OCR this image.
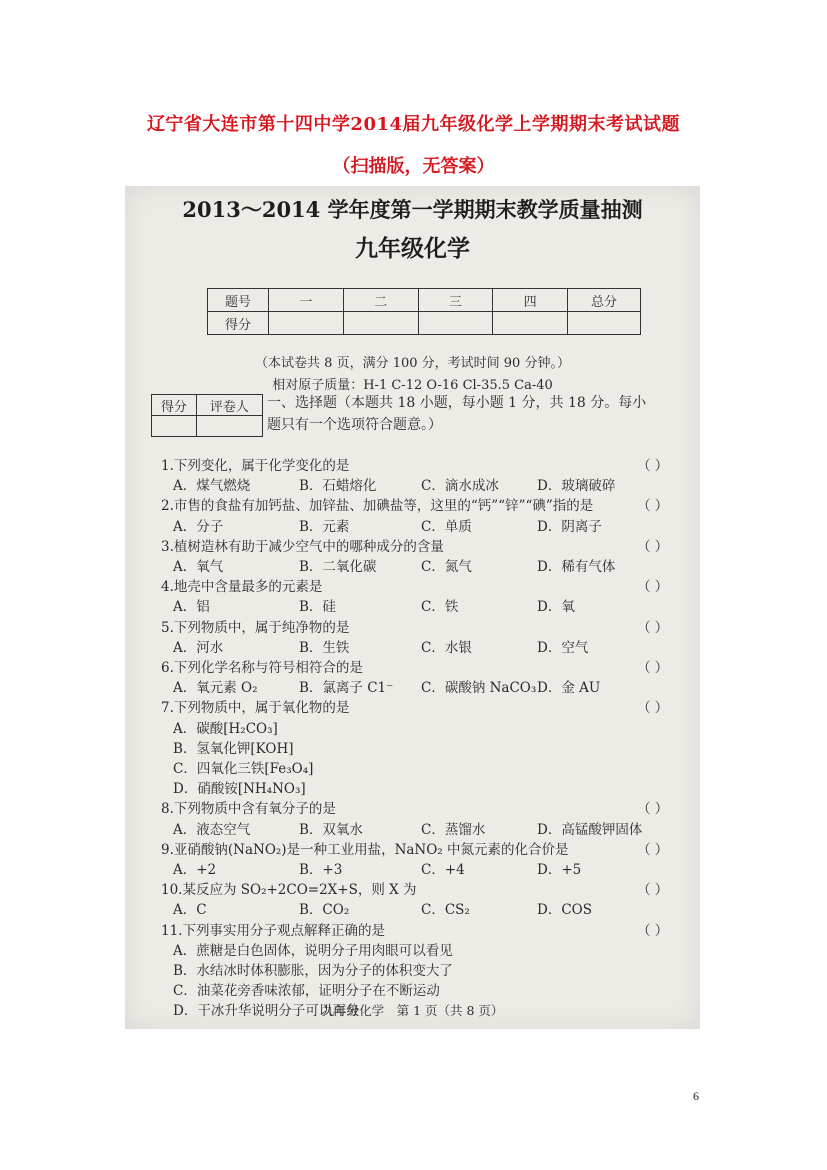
辽宁省大连市第十四中学2014届九年级化学上学期期末考试试题
（扫描版，无答案）
2013～2014 学年度第一学期期末教学质量抽测
九年级化学
题号	一	二	三	四	总分
得分					
（本试卷共 8 页，满分 100 分，考试时间 90 分钟。）
相对原子质量：H-1 C-12 O-16 Cl-35.5 Ca-40
得分	评卷人
	一、选择题（本题共 18 小题，每小题 1 分，共 18 分。每小
题只有一个选项符合题意。）
1.下列变化，属于化学变化的是	（ ）
A．煤气燃烧	B．石蜡熔化	C．滴水成冰	D．玻璃破碎
2.市售的食盐有加钙盐、加锌盐、加碘盐等，这里的“钙”“锌”“碘”指的是	（ ）
A．分子	B．元素	C．单质	D．阴离子
3.植树造林有助于减少空气中的哪种成分的含量	（ ）
A．氧气	B．二氧化碳	C．氮气	D．稀有气体
4.地壳中含量最多的元素是	（ ）
A．铝	B．硅	C．铁	D．氧
5.下列物质中，属于纯净物的是	（ ）
A．河水	B．生铁	C．水银	D．空气
6.下列化学名称与符号相符合的是	（ ）
A．氧元素 O₂	B．氯离子 C1⁻ C．碳酸钠 NaCO₃ D．金 AU
7.下列物质中，属于氧化物的是	（ ）
A．碳酸[H₂CO₃]
B．氢氧化钾[KOH]
C．四氧化三铁[Fe₃O₄]
D．硝酸铵[NH₄NO₃]
8.下列物质中含有氧分子的是	（ ）
A．液态空气	B．双氧水	C．蒸馏水	D．高锰酸钾固体
9.亚硝酸钠(NaNO₂)是一种工业用盐，NaNO₂ 中氮元素的化合价是	（ ）
A．+2	B．+3	C．+4	D．+5
10.某反应为 SO₂+2CO=2X+S，则 X 为	（ ）
A．C	B．CO₂	C．CS₂	D．COS
11.下列事实用分子观点解释正确的是	（ ）
A．蔗糖是白色固体，说明分子用肉眼可以看见
B．水结冰时体积膨胀，因为分子的体积变大了
C．油菜花旁香味浓郁，证明分子在不断运动
D．干冰升华说明分子可以再分
九年级化学　第 1 页（共 8 页）
6
